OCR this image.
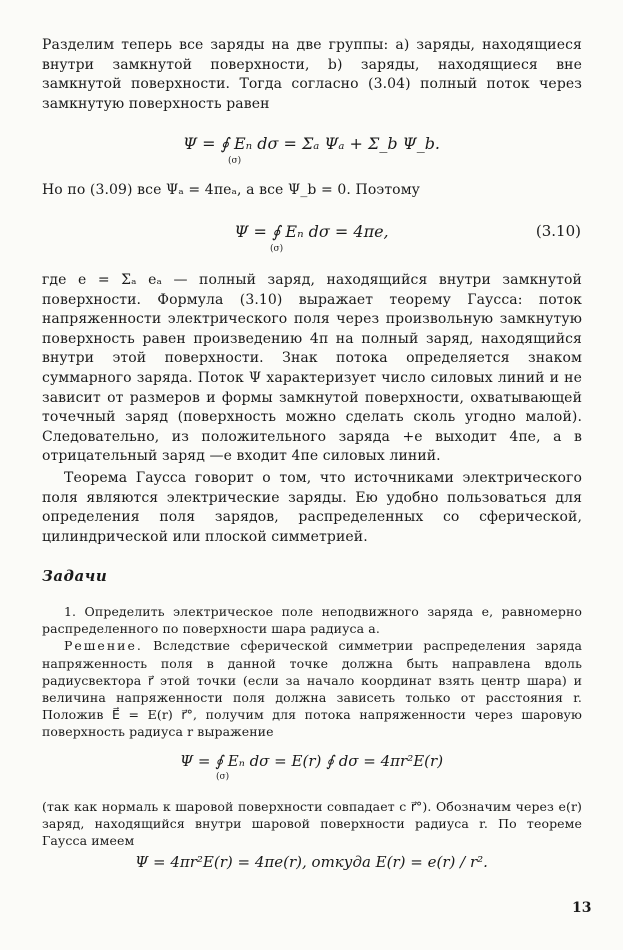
Разделим теперь все заряды на две группы: a) заряды, находящиеся внутри замкнутой поверхности, b) заряды, находящиеся вне замкнутой поверхности. Тогда согласно (3.04) полный поток через замкнутую поверхность равен

Ψ = ∮ Eₙ dσ = Σₐ Ψₐ + Σ_b Ψ_b.
(σ)

Но по (3.09) все Ψₐ = 4πeₐ, а все Ψ_b = 0. Поэтому

Ψ = ∮ Eₙ dσ = 4πe,	(3.10)
(σ)

где e = Σₐ eₐ — полный заряд, находящийся внутри замкнутой поверхности. Формула (3.10) выражает теорему Гаусса: поток напряженности электрического поля через произвольную замкнутую поверхность равен произведению 4π на полный заряд, находящийся внутри этой поверхности. Знак потока определяется знаком суммарного заряда. Поток Ψ характеризует число силовых линий и не зависит от размеров и формы замкнутой поверхности, охватывающей точечный заряд (поверхность можно сделать сколь угодно малой). Следовательно, из положительного заряда +e выходит 4πe, а в отрицательный заряд —e входит 4πe силовых линий.

Теорема Гаусса говорит о том, что источниками электрического поля являются электрические заряды. Ею удобно пользоваться для определения поля зарядов, распределенных со сферической, цилиндрической или плоской симметрией.

Задачи

1. Определить электрическое поле неподвижного заряда e, равномерно распределенного по поверхности шара радиуса a.

Решение. Вследствие сферической симметрии распределения заряда напряженность поля в данной точке должна быть направлена вдоль радиусвектора r⃗ этой точки (если за начало координат взять центр шара) и величина напряженности поля должна зависеть только от расстояния r. Положив E⃗ = E(r) r⃗°, получим для потока напряженности через шаровую поверхность радиуса r выражение

Ψ = ∮ Eₙ dσ = E(r) ∮ dσ = 4πr²E(r)
(σ)

(так как нормаль к шаровой поверхности совпадает с r⃗°). Обозначим через e(r) заряд, находящийся внутри шаровой поверхности радиуса r. По теореме Гаусса имеем

Ψ = 4πr²E(r) = 4πe(r), откуда E(r) = e(r) / r².
13
